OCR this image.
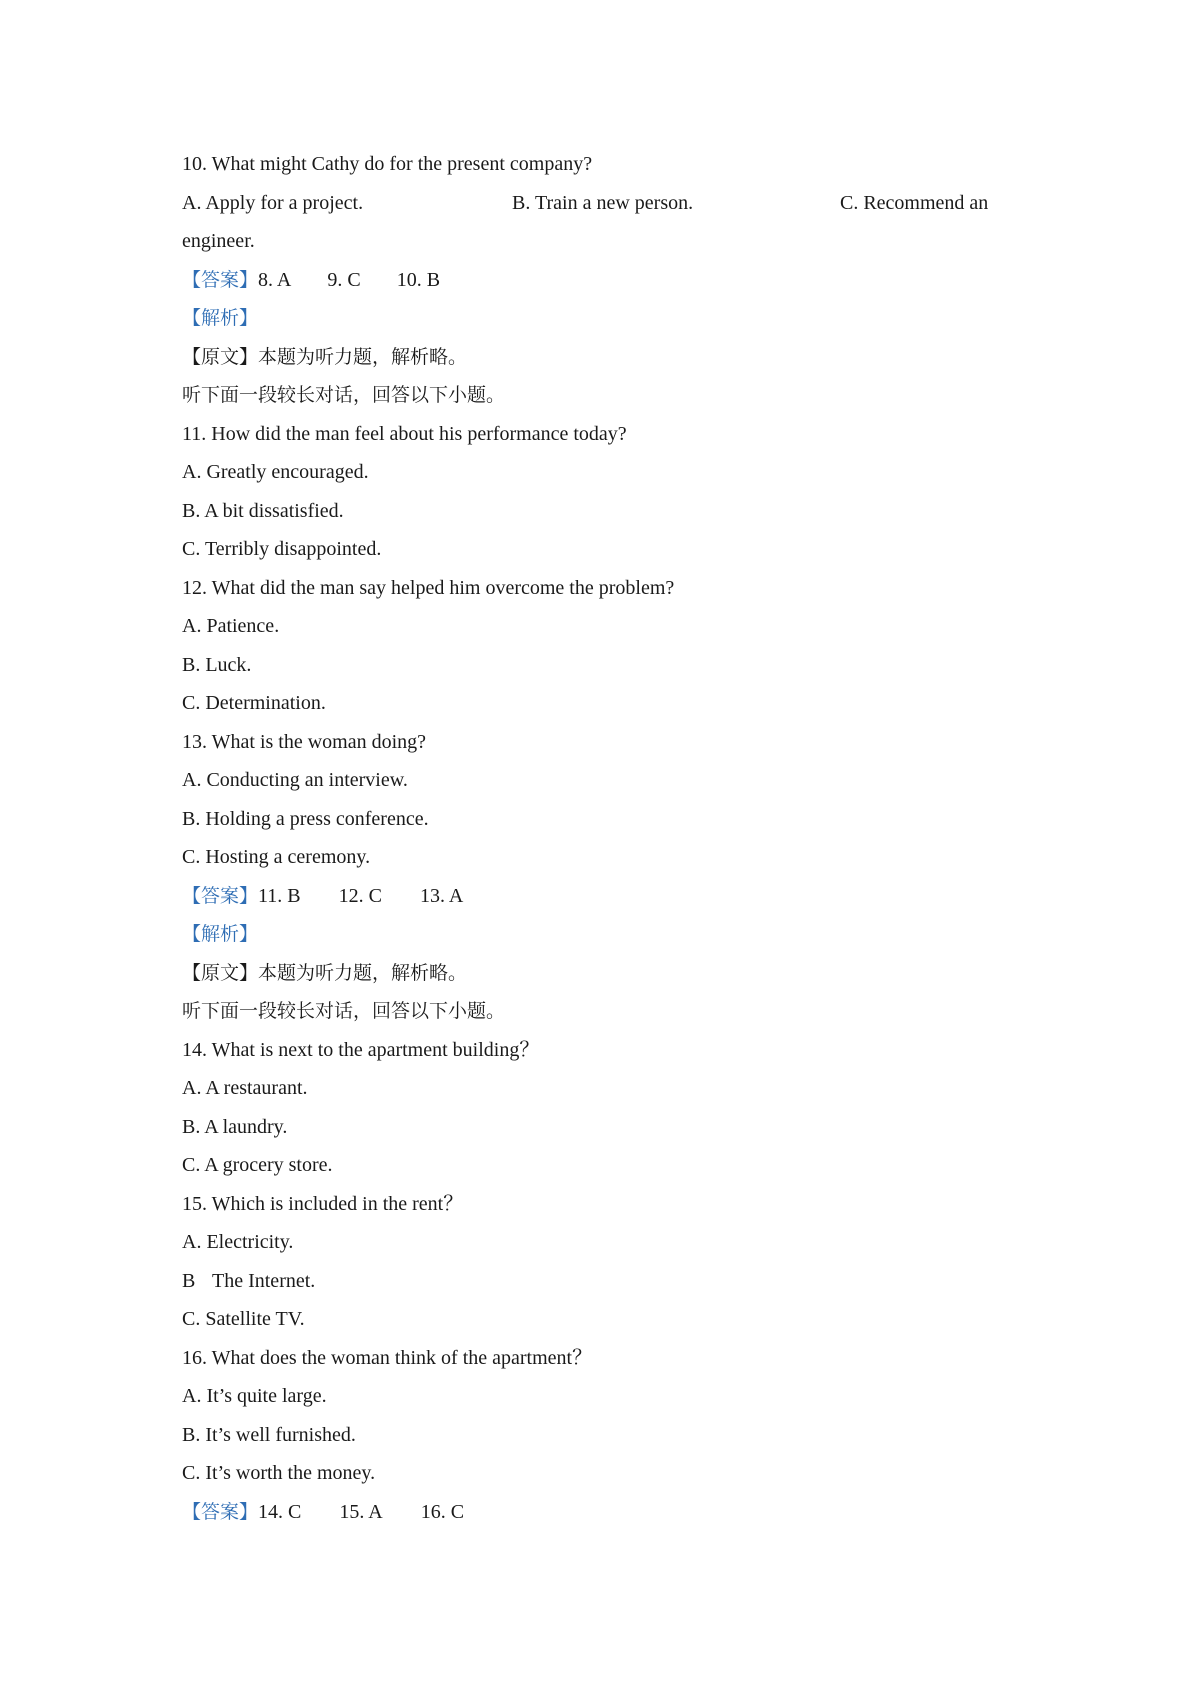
10. What might Cathy do for the present company?
A. Apply for a project.	B. Train a new person.	C. Recommend an
engineer.
【答案】8. A 9. C 10. B
【解析】
【原文】本题为听力题，解析略。
听下面一段较长对话，回答以下小题。
11. How did the man feel about his performance today?
A. Greatly encouraged.
B. A bit dissatisfied.
C. Terribly disappointed.
12. What did the man say helped him overcome the problem?
A. Patience.
B. Luck.
C. Determination.
13. What is the woman doing?
A. Conducting an interview.
B. Holding a press conference.
C. Hosting a ceremony.
【答案】11. B 12. C 13. A
【解析】
【原文】本题为听力题，解析略。
听下面一段较长对话，回答以下小题。
14. What is next to the apartment building？
A. A restaurant.
B. A laundry.
C. A grocery store.
15. Which is included in the rent？
A. Electricity.
B The Internet.
C. Satellite TV.
16. What does the woman think of the apartment？
A. It’s quite large.
B. It’s well furnished.
C. It’s worth the money.
【答案】14. C 15. A 16. C
